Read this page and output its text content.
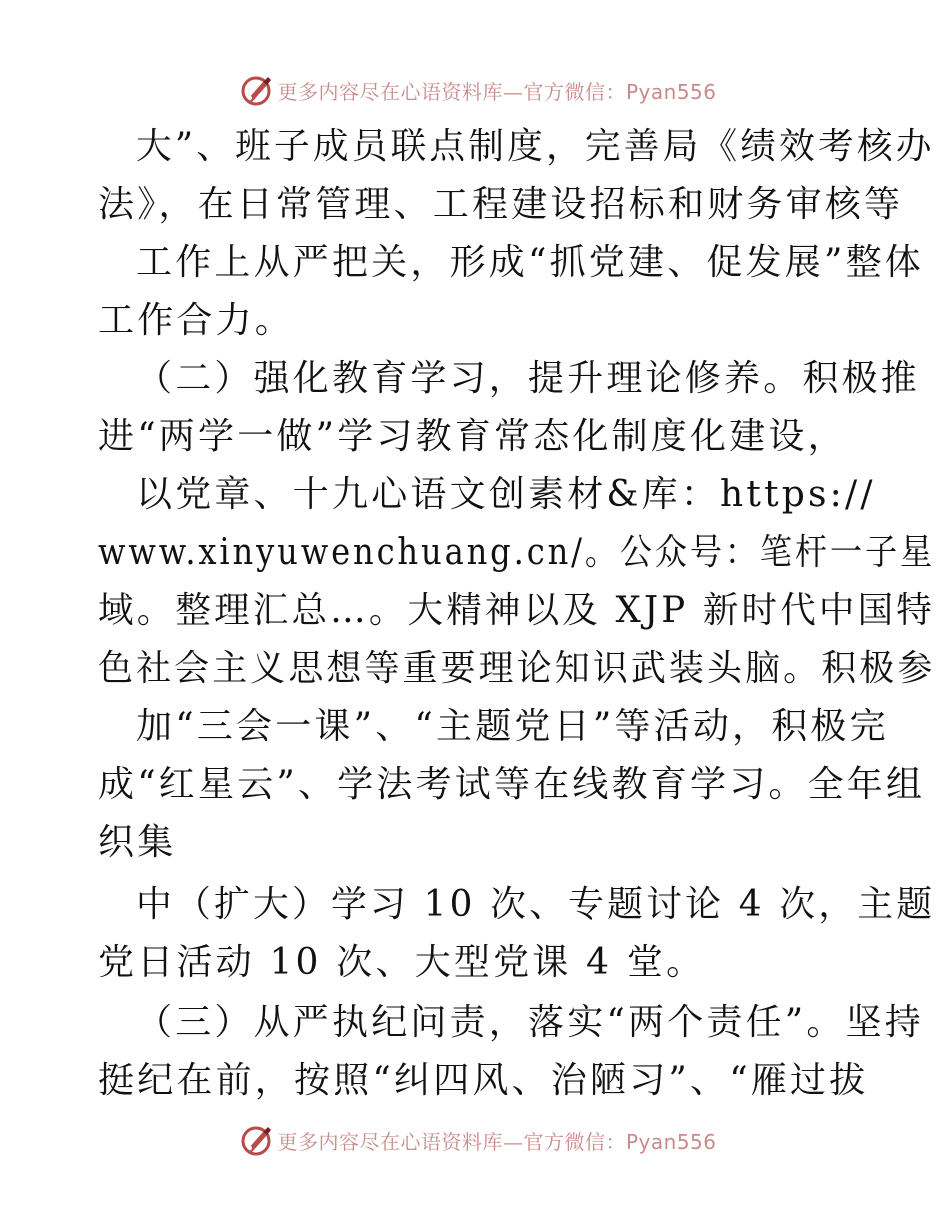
更多内容尽在心语资料库—官方微信：Pyan556
大”、班子成员联点制度，完善局《绩效考核办
法》，在日常管理、工程建设招标和财务审核等
工作上从严把关，形成“抓党建、促发展”整体
工作合力。
（二）强化教育学习，提升理论修养。积极推
进“两学一做”学习教育常态化制度化建设，
以党章、十九心语文创素材&库：https://
www.xinyuwenchuang.cn/。公众号：笔杆一子星
域。整理汇总…。大精神以及 XJP 新时代中国特
色社会主义思想等重要理论知识武装头脑。积极参
加“三会一课”、“主题党日”等活动，积极完
成“红星云”、学法考试等在线教育学习。全年组
织集
中（扩大）学习 10 次、专题讨论 4 次，主题
党日活动 10 次、大型党课 4 堂。
（三）从严执纪问责，落实“两个责任”。坚持
挺纪在前，按照“纠四风、治陋习”、“雁过拔
更多内容尽在心语资料库—官方微信：Pyan556
